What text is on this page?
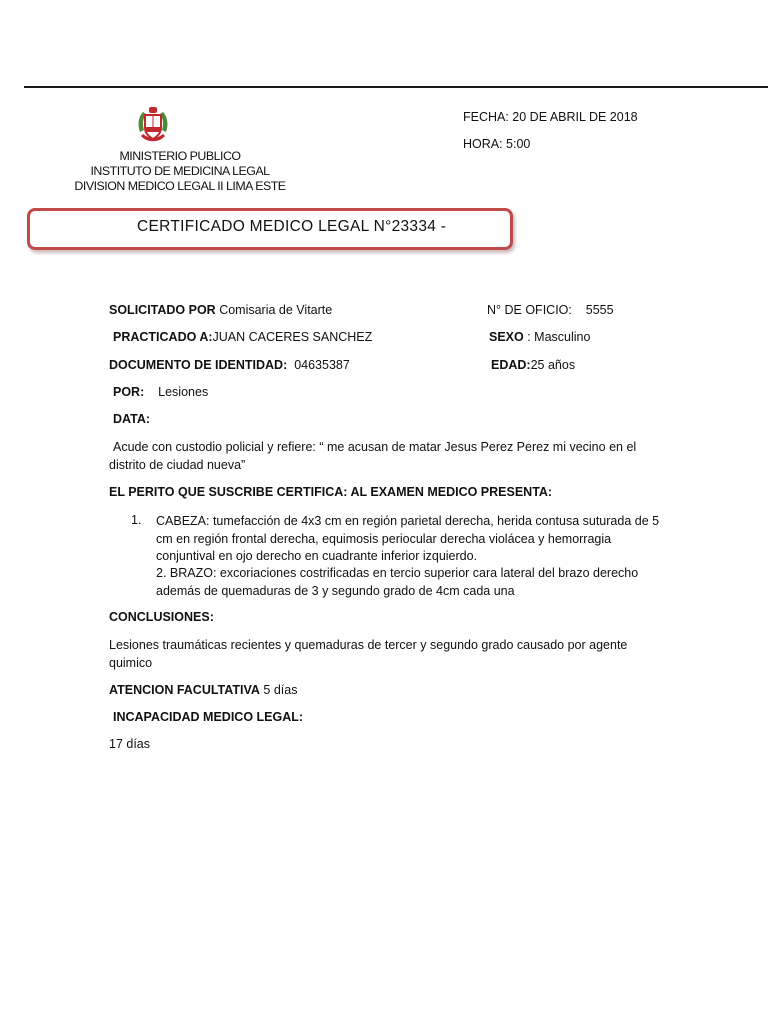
MINISTERIO PUBLICO
INSTITUTO DE MEDICINA LEGAL
DIVISION MEDICO LEGAL II LIMA ESTE
FECHA: 20 DE ABRIL DE 2018
HORA: 5:00
CERTIFICADO MEDICO LEGAL N°23334 -
SOLICITADO POR Comisaria de Vitarte	N° DE OFICIO: 5555
PRACTICADO A:JUAN CACERES SANCHEZ	SEXO : Masculino
DOCUMENTO DE IDENTIDAD: 04635387	EDAD:25 años
POR: Lesiones
DATA:
Acude con custodio policial y refiere: “ me acusan de matar Jesus Perez Perez mi vecino en el distrito de ciudad nueva”
EL PERITO QUE SUSCRIBE CERTIFICA: AL EXAMEN MEDICO PRESENTA:
1. CABEZA: tumefacción de 4x3 cm en región parietal derecha, herida contusa suturada de 5 cm en región frontal derecha, equimosis periocular derecha violácea y hemorragia conjuntival en ojo derecho en cuadrante inferior izquierdo.
2. BRAZO: excoriaciones costrificadas en tercio superior cara lateral del brazo derecho además de quemaduras de 3 y segundo grado de 4cm cada una
CONCLUSIONES:
Lesiones traumáticas recientes y quemaduras de tercer y segundo grado causado por agente quimico
ATENCION FACULTATIVA 5 días
INCAPACIDAD MEDICO LEGAL:
17 días
